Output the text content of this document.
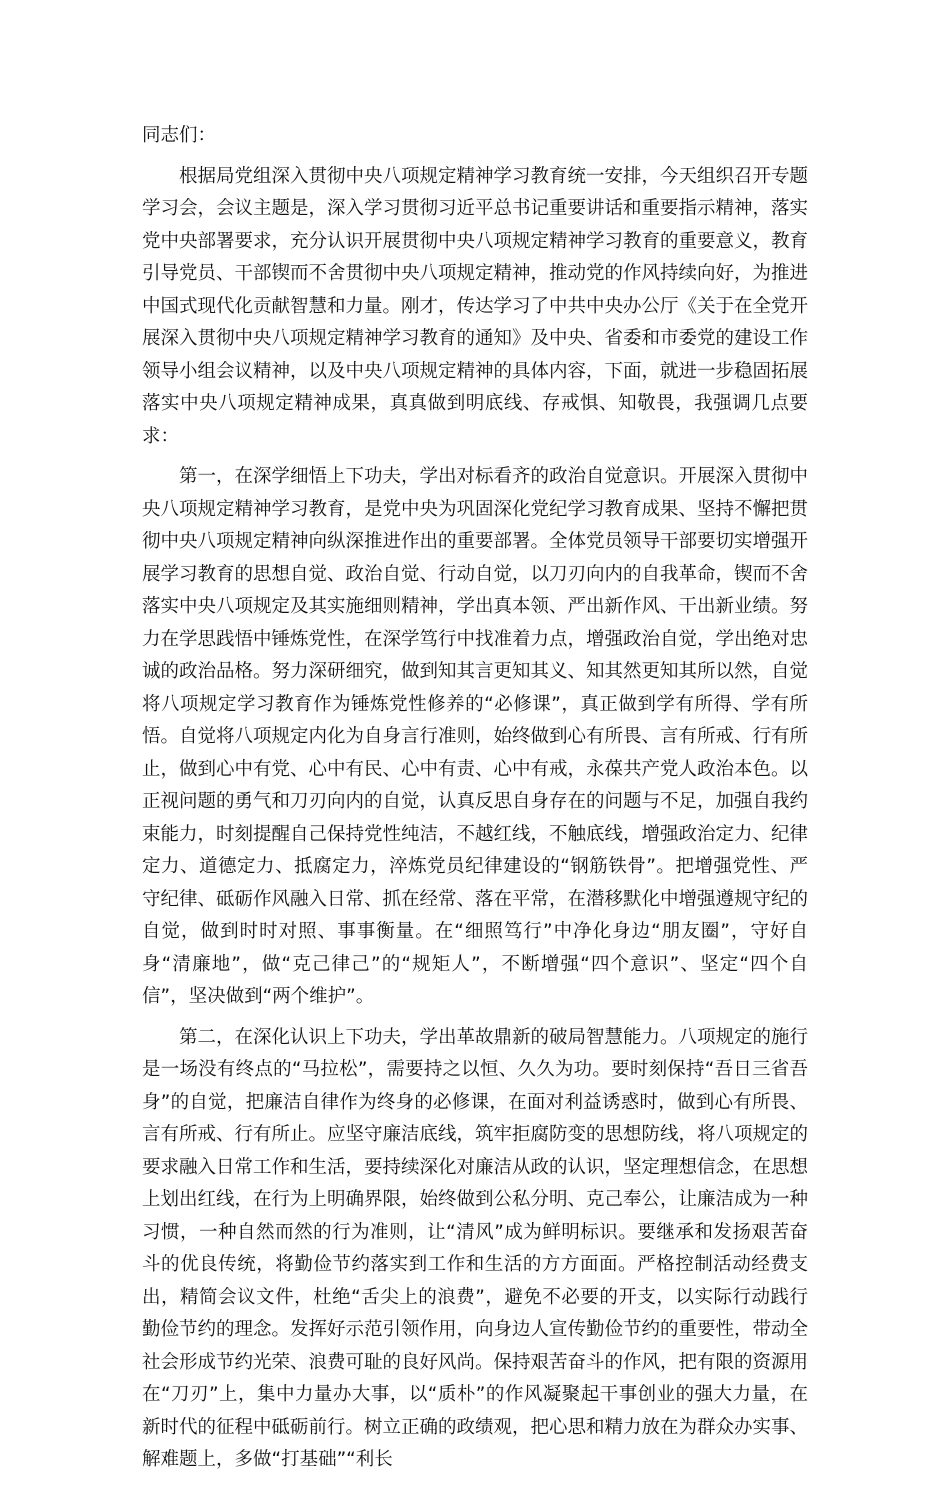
同志们：

根据局党组深入贯彻中央八项规定精神学习教育统一安排，今天组织召开专题学习会，会议主题是，深入学习贯彻习近平总书记重要讲话和重要指示精神，落实党中央部署要求，充分认识开展贯彻中央八项规定精神学习教育的重要意义，教育引导党员、干部锲而不舍贯彻中央八项规定精神，推动党的作风持续向好，为推进中国式现代化贡献智慧和力量。刚才，传达学习了中共中央办公厅《关于在全党开展深入贯彻中央八项规定精神学习教育的通知》及中央、省委和市委党的建设工作领导小组会议精神，以及中央八项规定精神的具体内容，下面，就进一步稳固拓展落实中央八项规定精神成果，真真做到明底线、存戒惧、知敬畏，我强调几点要求：

第一，在深学细悟上下功夫，学出对标看齐的政治自觉意识。开展深入贯彻中央八项规定精神学习教育，是党中央为巩固深化党纪学习教育成果、坚持不懈把贯彻中央八项规定精神向纵深推进作出的重要部署。全体党员领导干部要切实增强开展学习教育的思想自觉、政治自觉、行动自觉，以刀刃向内的自我革命，锲而不舍落实中央八项规定及其实施细则精神，学出真本领、严出新作风、干出新业绩。努力在学思践悟中锤炼党性，在深学笃行中找准着力点，增强政治自觉，学出绝对忠诚的政治品格。努力深研细究，做到知其言更知其义、知其然更知其所以然，自觉将八项规定学习教育作为锤炼党性修养的“必修课”，真正做到学有所得、学有所悟。自觉将八项规定内化为自身言行准则，始终做到心有所畏、言有所戒、行有所止，做到心中有党、心中有民、心中有责、心中有戒，永葆共产党人政治本色。以正视问题的勇气和刀刃向内的自觉，认真反思自身存在的问题与不足，加强自我约束能力，时刻提醒自己保持党性纯洁，不越红线，不触底线，增强政治定力、纪律定力、道德定力、抵腐定力，淬炼党员纪律建设的“钢筋铁骨”。把增强党性、严守纪律、砥砺作风融入日常、抓在经常、落在平常，在潜移默化中增强遵规守纪的自觉，做到时时对照、事事衡量。在“细照笃行”中净化身边“朋友圈”，守好自身“清廉地”，做“克己律己”的“规矩人”，不断增强“四个意识”、坚定“四个自信”，坚决做到“两个维护”。

第二，在深化认识上下功夫，学出革故鼎新的破局智慧能力。八项规定的施行是一场没有终点的“马拉松”，需要持之以恒、久久为功。要时刻保持“吾日三省吾身”的自觉，把廉洁自律作为终身的必修课，在面对利益诱惑时，做到心有所畏、言有所戒、行有所止。应坚守廉洁底线，筑牢拒腐防变的思想防线，将八项规定的要求融入日常工作和生活，要持续深化对廉洁从政的认识，坚定理想信念，在思想上划出红线，在行为上明确界限，始终做到公私分明、克己奉公，让廉洁成为一种习惯，一种自然而然的行为准则，让“清风”成为鲜明标识。要继承和发扬艰苦奋斗的优良传统，将勤俭节约落实到工作和生活的方方面面。严格控制活动经费支出，精简会议文件，杜绝“舌尖上的浪费”，避免不必要的开支，以实际行动践行勤俭节约的理念。发挥好示范引领作用，向身边人宣传勤俭节约的重要性，带动全社会形成节约光荣、浪费可耻的良好风尚。保持艰苦奋斗的作风，把有限的资源用在“刀刃”上，集中力量办大事，以“质朴”的作风凝聚起干事创业的强大力量，在新时代的征程中砥砺前行。树立正确的政绩观，把心思和精力放在为群众办实事、解难题上，多做“打基础”“利长
